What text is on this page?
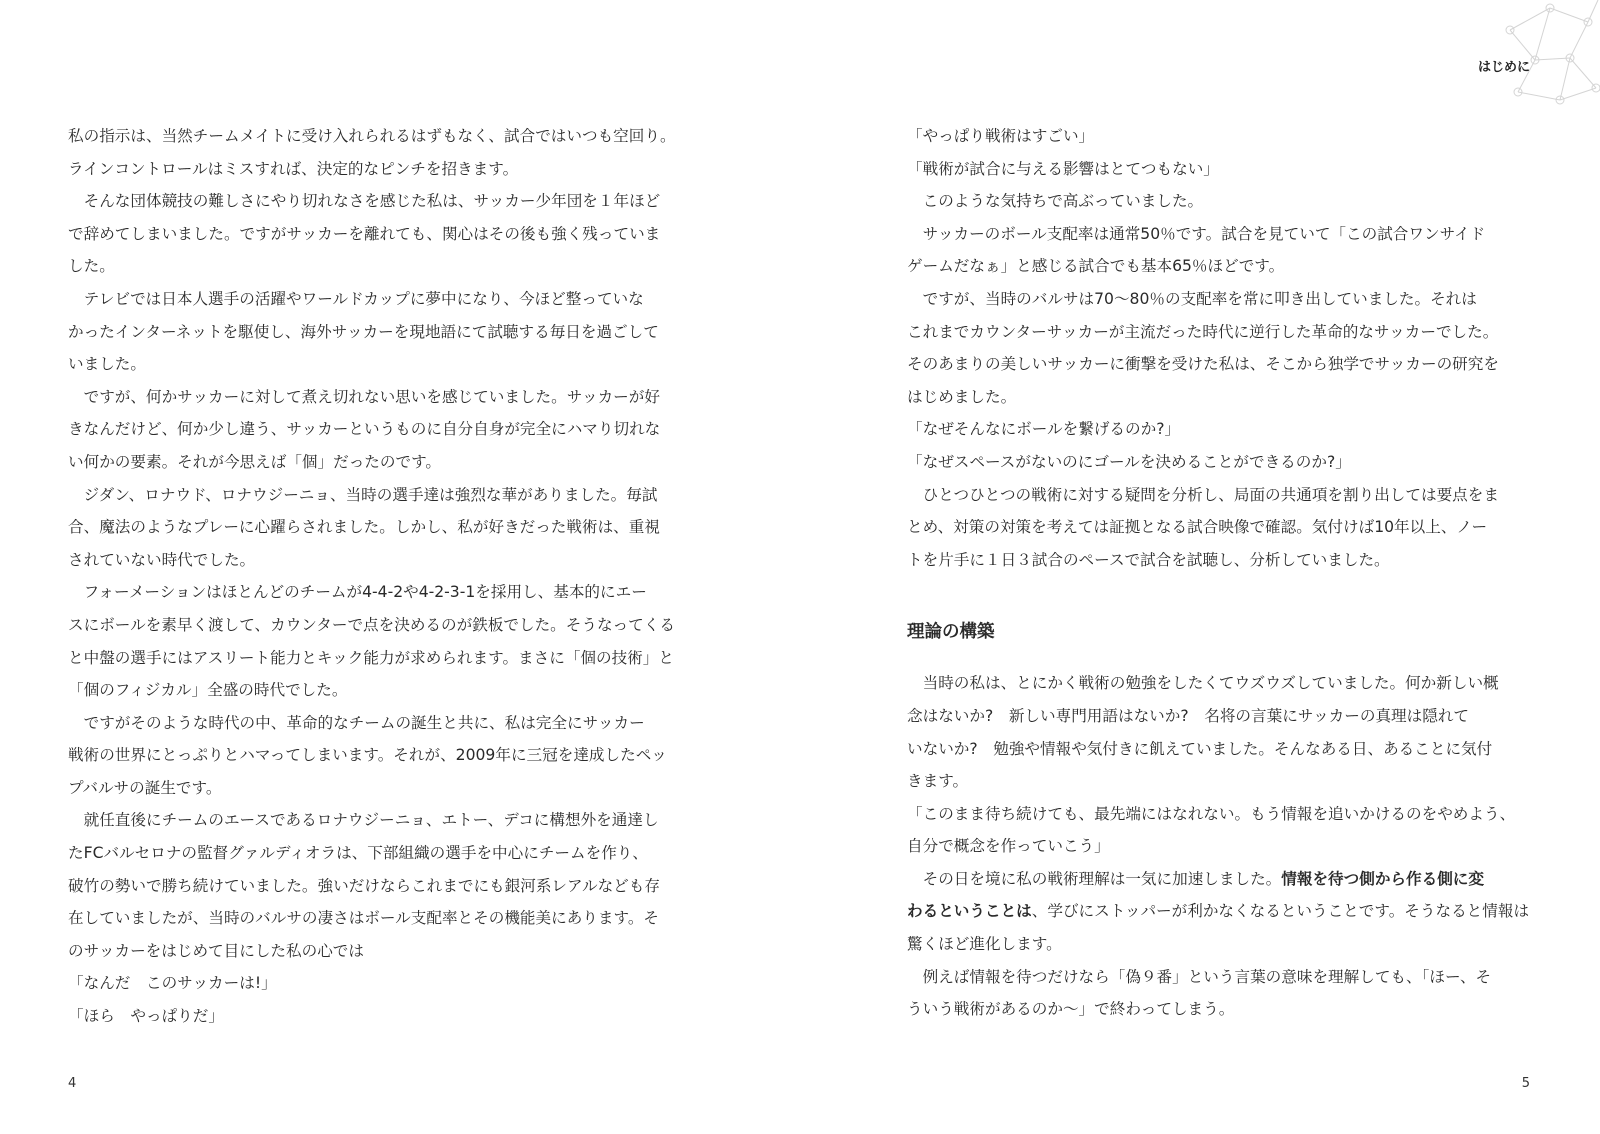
私の指示は、当然チームメイトに受け入れられるはずもなく、試合ではいつも空回り。
ラインコントロールはミスすれば、決定的なピンチを招きます。
　そんな団体競技の難しさにやり切れなさを感じた私は、サッカー少年団を１年ほど
で辞めてしまいました。ですがサッカーを離れても、関心はその後も強く残っていま
した。
　テレビでは日本人選手の活躍やワールドカップに夢中になり、今ほど整っていな
かったインターネットを駆使し、海外サッカーを現地語にて試聴する毎日を過ごして
いました。
　ですが、何かサッカーに対して煮え切れない思いを感じていました。サッカーが好
きなんだけど、何か少し違う、サッカーというものに自分自身が完全にハマり切れな
い何かの要素。それが今思えば「個」だったのです。
　ジダン、ロナウド、ロナウジーニョ、当時の選手達は強烈な華がありました。毎試
合、魔法のようなプレーに心躍らされました。しかし、私が好きだった戦術は、重視
されていない時代でした。
　フォーメーションはほとんどのチームが4-4-2や4-2-3-1を採用し、基本的にエー
スにボールを素早く渡して、カウンターで点を決めるのが鉄板でした。そうなってくる
と中盤の選手にはアスリート能力とキック能力が求められます。まさに「個の技術」と
「個のフィジカル」全盛の時代でした。
　ですがそのような時代の中、革命的なチームの誕生と共に、私は完全にサッカー
戦術の世界にとっぷりとハマってしまいます。それが、2009年に三冠を達成したペッ
プバルサの誕生です。
　就任直後にチームのエースであるロナウジーニョ、エトー、デコに構想外を通達し
たFCバルセロナの監督グァルディオラは、下部組織の選手を中心にチームを作り、
破竹の勢いで勝ち続けていました。強いだけならこれまでにも銀河系レアルなども存
在していましたが、当時のバルサの凄さはボール支配率とその機能美にあります。そ
のサッカーをはじめて目にした私の心では
「なんだ　このサッカーは!」
「ほら　やっぱりだ」
4
はじめに
「やっぱり戦術はすごい」
「戦術が試合に与える影響はとてつもない」
　このような気持ちで高ぶっていました。
　サッカーのボール支配率は通常50％です。試合を見ていて「この試合ワンサイド
ゲームだなぁ」と感じる試合でも基本65％ほどです。
　ですが、当時のバルサは70～80％の支配率を常に叩き出していました。それは
これまでカウンターサッカーが主流だった時代に逆行した革命的なサッカーでした。
そのあまりの美しいサッカーに衝撃を受けた私は、そこから独学でサッカーの研究を
はじめました。
「なぜそんなにボールを繋げるのか?」
「なぜスペースがないのにゴールを決めることができるのか?」
　ひとつひとつの戦術に対する疑問を分析し、局面の共通項を割り出しては要点をま
とめ、対策の対策を考えては証拠となる試合映像で確認。気付けば10年以上、ノー
トを片手に１日３試合のペースで試合を試聴し、分析していました。
理論の構築
　当時の私は、とにかく戦術の勉強をしたくてウズウズしていました。何か新しい概
念はないか?　新しい専門用語はないか?　名将の言葉にサッカーの真理は隠れて
いないか?　勉強や情報や気付きに飢えていました。そんなある日、あることに気付
きます。
「このまま待ち続けても、最先端にはなれない。もう情報を追いかけるのをやめよう、
自分で概念を作っていこう」
　その日を境に私の戦術理解は一気に加速しました。情報を待つ側から作る側に変
わるということは、学びにストッパーが利かなくなるということです。そうなると情報は
驚くほど進化します。
　例えば情報を待つだけなら「偽９番」という言葉の意味を理解しても、「ほー、そ
ういう戦術があるのか～」で終わってしまう。
5
